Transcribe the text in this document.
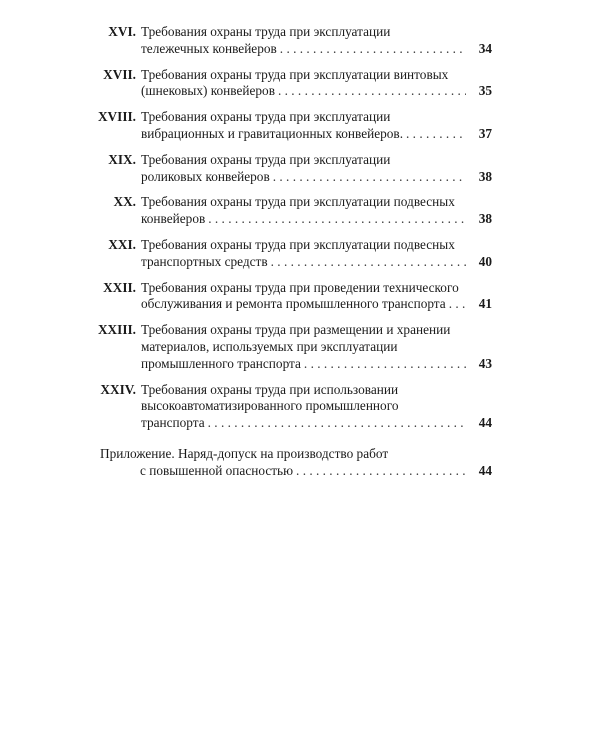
XVI. Требования охраны труда при эксплуатации
тележечных конвейеров . . .	34
XVII. Требования охраны труда при эксплуатации винтовых
(шнековых) конвейеров . . .	35
XVIII. Требования охраны труда при эксплуатации
вибрационных и гравитационных конвейеров. . . .	37
XIX. Требования охраны труда при эксплуатации
роликовых конвейеров . . .	38
XX. Требования охраны труда при эксплуатации подвесных
конвейеров . . .	38
XXI. Требования охраны труда при эксплуатации подвесных
транспортных средств . . .	40
XXII. Требования охраны труда при проведении технического
обслуживания и ремонта промышленного транспорта . . .	41
XXIII. Требования охраны труда при размещении и хранении
материалов, используемых при эксплуатации
промышленного транспорта . . .	43
XXIV. Требования охраны труда при использовании
высокоавтоматизированного промышленного
транспорта . . .	44
Приложение. Наряд-допуск на производство работ
с повышенной опасностью . . .	44
